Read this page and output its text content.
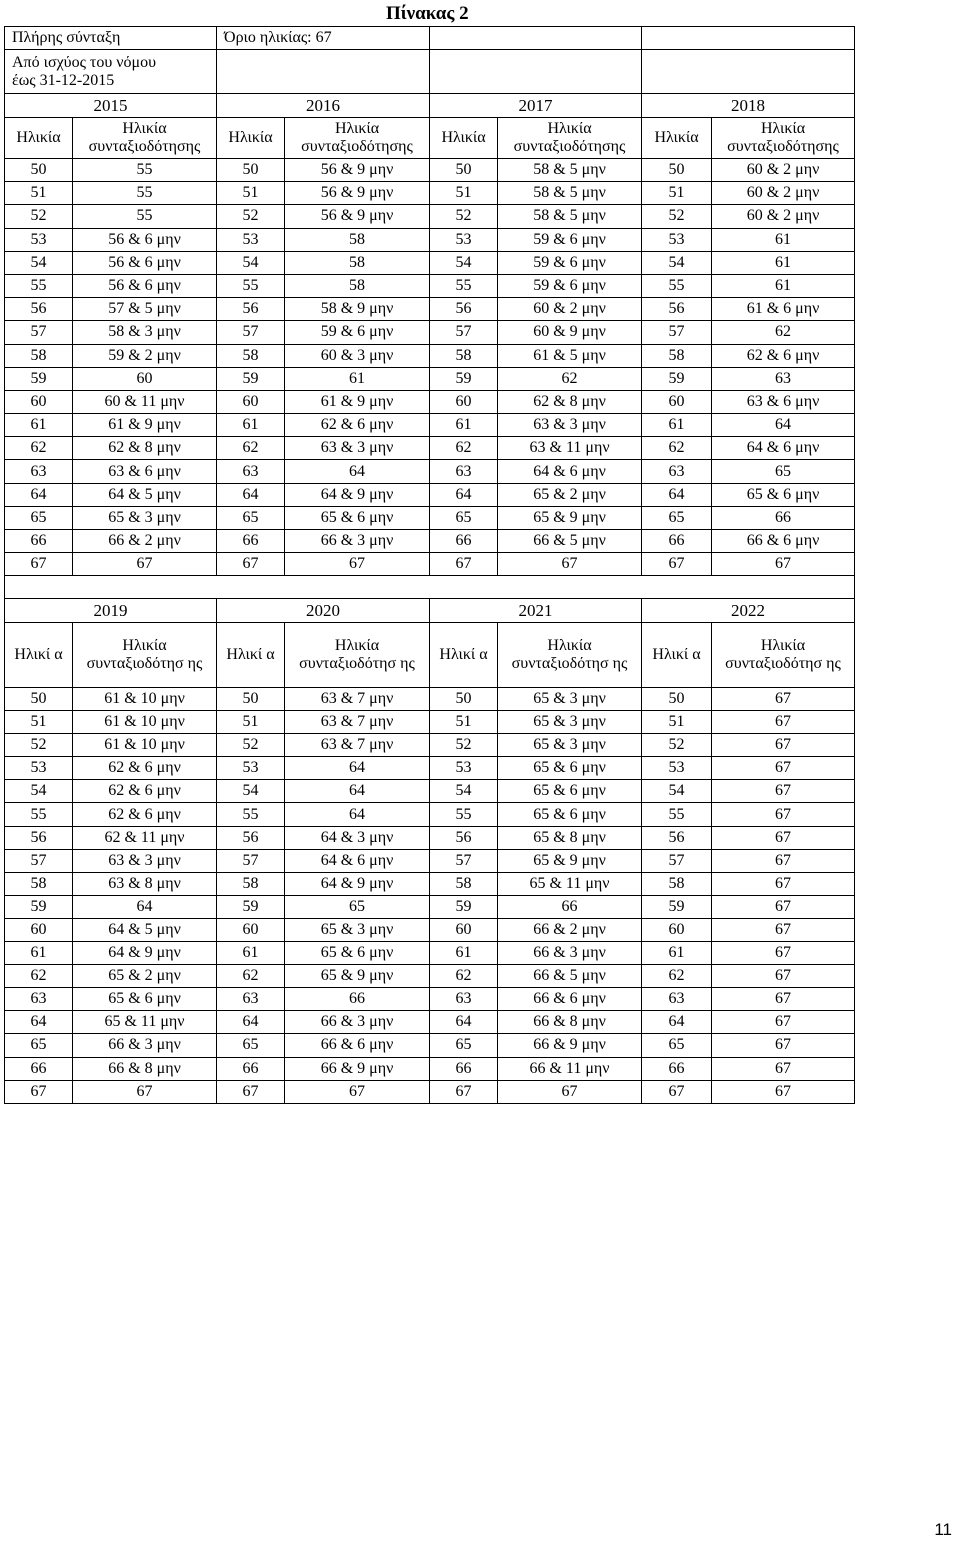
Πίνακας 2
Πλήρης σύνταξη		Όριο ηλικίας: 67					

Από ισχύος του νόμου
έως 31-12-2015							

2015		2016		2017		2018	
Ηλικία	Ηλικία συνταξιοδότησης	Ηλικία	Ηλικία συνταξιοδότησης	Ηλικία	Ηλικία συνταξιοδότησης	Ηλικία	Ηλικία συνταξιοδότησης
50	55	50	56 & 9 μην	50	58 & 5 μην	50	60 & 2 μην
51	55	51	56 & 9 μην	51	58 & 5 μην	51	60 & 2 μην
52	55	52	56 & 9 μην	52	58 & 5 μην	52	60 & 2 μην
53	56 & 6 μην	53	58	53	59 & 6 μην	53	61
54	56 & 6 μην	54	58	54	59 & 6 μην	54	61
55	56 & 6 μην	55	58	55	59 & 6 μην	55	61
56	57 & 5 μην	56	58 & 9 μην	56	60 & 2 μην	56	61 & 6 μην
57	58 & 3 μην	57	59 & 6 μην	57	60 & 9 μην	57	62
58	59 & 2 μην	58	60 & 3 μην	58	61 & 5 μην	58	62 & 6 μην
59	60	59	61	59	62	59	63
60	60 & 11 μην	60	61 & 9 μην	60	62 & 8 μην	60	63 & 6 μην
61	61 & 9 μην	61	62 & 6 μην	61	63 & 3 μην	61	64
62	62 & 8 μην	62	63 & 3 μην	62	63 & 11 μην	62	64 & 6 μην
63	63 & 6 μην	63	64	63	64 & 6 μην	63	65
64	64 & 5 μην	64	64 & 9 μην	64	65 & 2 μην	64	65 & 6 μην
65	65 & 3 μην	65	65 & 6 μην	65	65 & 9 μην	65	66
66	66 & 2 μην	66	66 & 3 μην	66	66 & 5 μην	66	66 & 6 μην
67	67	67	67	67	67	67	67

2019		2020		2021		2022	
Ηλικί α	Ηλικία συνταξιοδότησ ης	Ηλικί α	Ηλικία συνταξιοδότησ ης	Ηλικί α	Ηλικία συνταξιοδότησ ης	Ηλικί α	Ηλικία συνταξιοδότησ ης
50	61 & 10 μην	50	63 & 7 μην	50	65 & 3 μην	50	67
51	61 & 10 μην	51	63 & 7 μην	51	65 & 3 μην	51	67
52	61 & 10 μην	52	63 & 7 μην	52	65 & 3 μην	52	67
53	62 & 6 μην	53	64	53	65 & 6 μην	53	67
54	62 & 6 μην	54	64	54	65 & 6 μην	54	67
55	62 & 6 μην	55	64	55	65 & 6 μην	55	67
56	62 & 11 μην	56	64 & 3 μην	56	65 & 8 μην	56	67
57	63 & 3 μην	57	64 & 6 μην	57	65 & 9 μην	57	67
58	63 & 8 μην	58	64 & 9 μην	58	65 & 11 μην	58	67
59	64	59	65	59	66	59	67
60	64 & 5 μην	60	65 & 3 μην	60	66 & 2 μην	60	67
61	64 & 9 μην	61	65 & 6 μην	61	66 & 3 μην	61	67
62	65 & 2 μην	62	65 & 9 μην	62	66 & 5 μην	62	67
63	65 & 6 μην	63	66	63	66 & 6 μην	63	67
64	65 & 11 μην	64	66 & 3 μην	64	66 & 8 μην	64	67
65	66 & 3 μην	65	66 & 6 μην	65	66 & 9 μην	65	67
66	66 & 8 μην	66	66 & 9 μην	66	66 & 11 μην	66	67
67	67	67	67	67	67	67	67
11
